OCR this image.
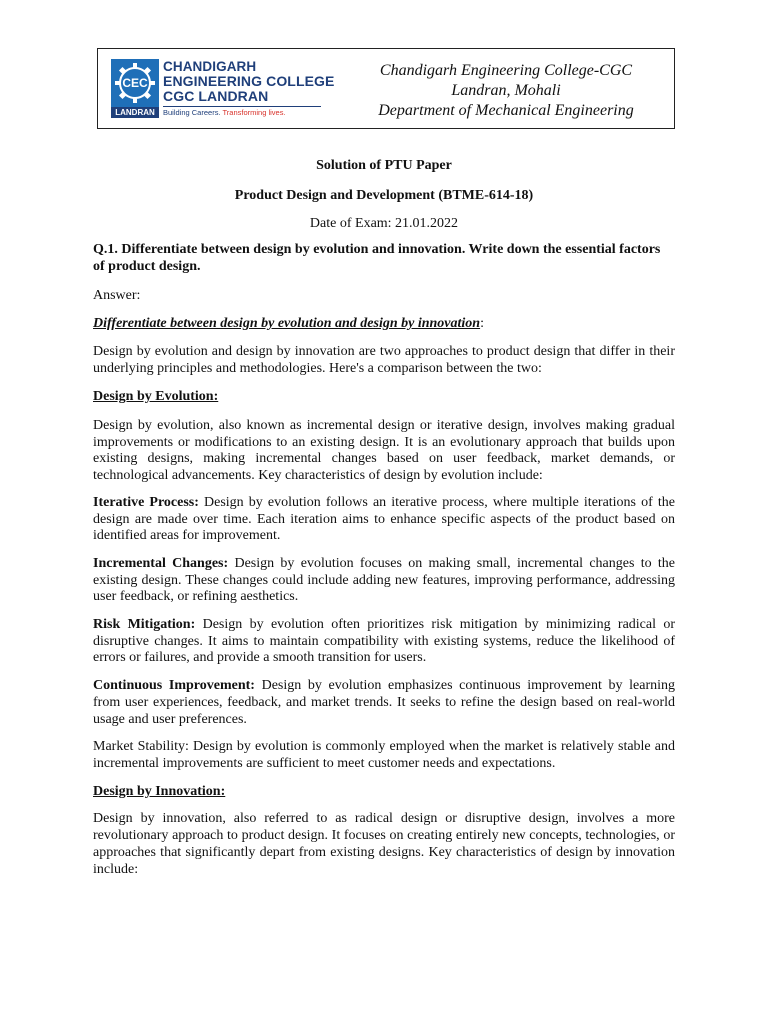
CEC
LANDRAN
CHANDIGARH
ENGINEERING COLLEGE
CGC LANDRAN
Building Careers. Transforming lives.
Chandigarh Engineering College-CGC
Landran, Mohali
Department of Mechanical Engineering

Solution of PTU Paper

Product Design and Development (BTME-614-18)

Date of Exam: 21.01.2022

Q.1. Differentiate between design by evolution and innovation. Write down the essential factors of product design.

Answer:

Differentiate between design by evolution and design by innovation:

Design by evolution and design by innovation are two approaches to product design that differ in their underlying principles and methodologies. Here's a comparison between the two:

Design by Evolution:

Design by evolution, also known as incremental design or iterative design, involves making gradual improvements or modifications to an existing design. It is an evolutionary approach that builds upon existing designs, making incremental changes based on user feedback, market demands, or technological advancements. Key characteristics of design by evolution include:

Iterative Process: Design by evolution follows an iterative process, where multiple iterations of the design are made over time. Each iteration aims to enhance specific aspects of the product based on identified areas for improvement.

Incremental Changes: Design by evolution focuses on making small, incremental changes to the existing design. These changes could include adding new features, improving performance, addressing user feedback, or refining aesthetics.

Risk Mitigation: Design by evolution often prioritizes risk mitigation by minimizing radical or disruptive changes. It aims to maintain compatibility with existing systems, reduce the likelihood of errors or failures, and provide a smooth transition for users.

Continuous Improvement: Design by evolution emphasizes continuous improvement by learning from user experiences, feedback, and market trends. It seeks to refine the design based on real-world usage and user preferences.

Market Stability: Design by evolution is commonly employed when the market is relatively stable and incremental improvements are sufficient to meet customer needs and expectations.

Design by Innovation:

Design by innovation, also referred to as radical design or disruptive design, involves a more revolutionary approach to product design. It focuses on creating entirely new concepts, technologies, or approaches that significantly depart from existing designs. Key characteristics of design by innovation include:
